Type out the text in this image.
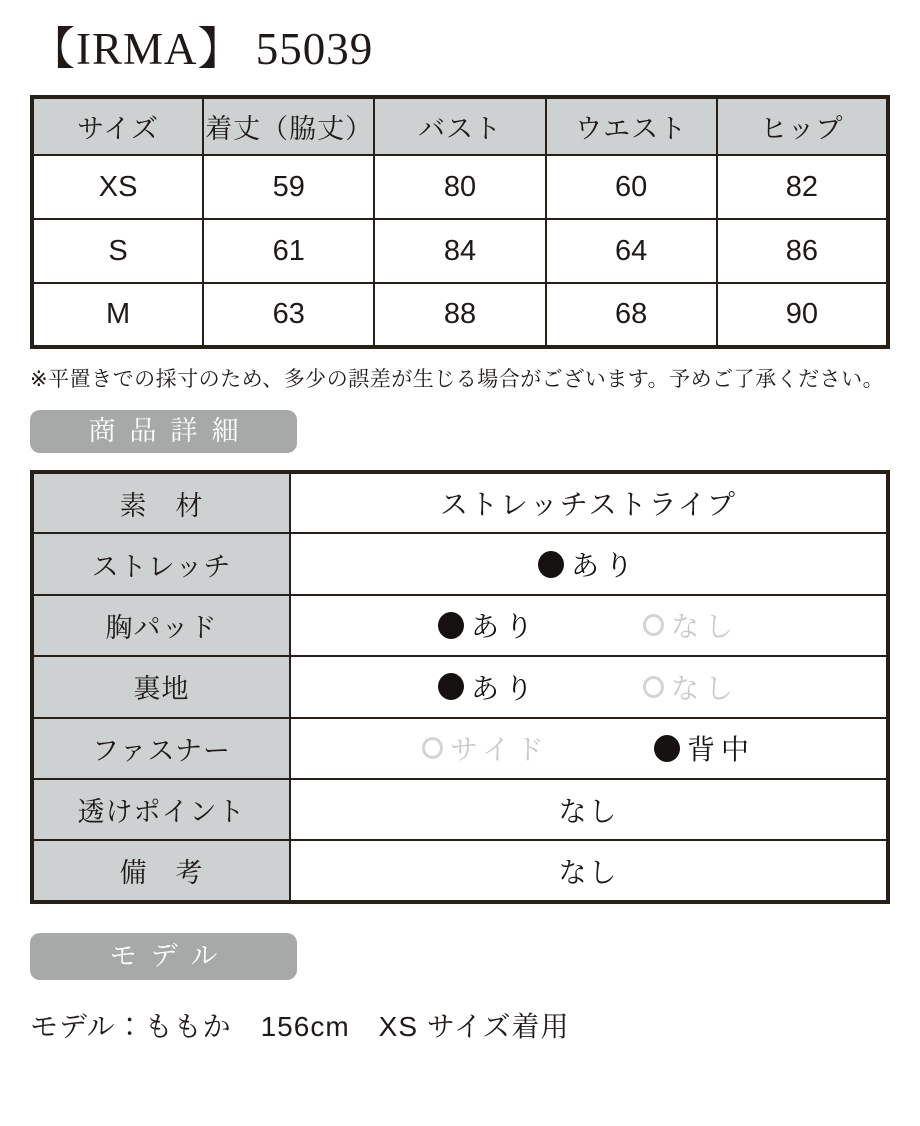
【IRMA】 55039
サイズ	着丈（脇丈）	バスト	ウエスト	ヒップ
XS	59	80	60	82
S	61	84	64	86
M	63	88	68	90
※平置きでの採寸のため、多少の誤差が生じる場合がございます。予めご了承ください。
商品詳細
素　材	ストレッチストライプ
ストレッチ	あり

胸パッド	あり なし

裏地	あり なし

ファスナー	サイド 背中

透けポイント	なし
備　考	なし
モデル
モデル：ももか　156cm　XS サイズ着用
